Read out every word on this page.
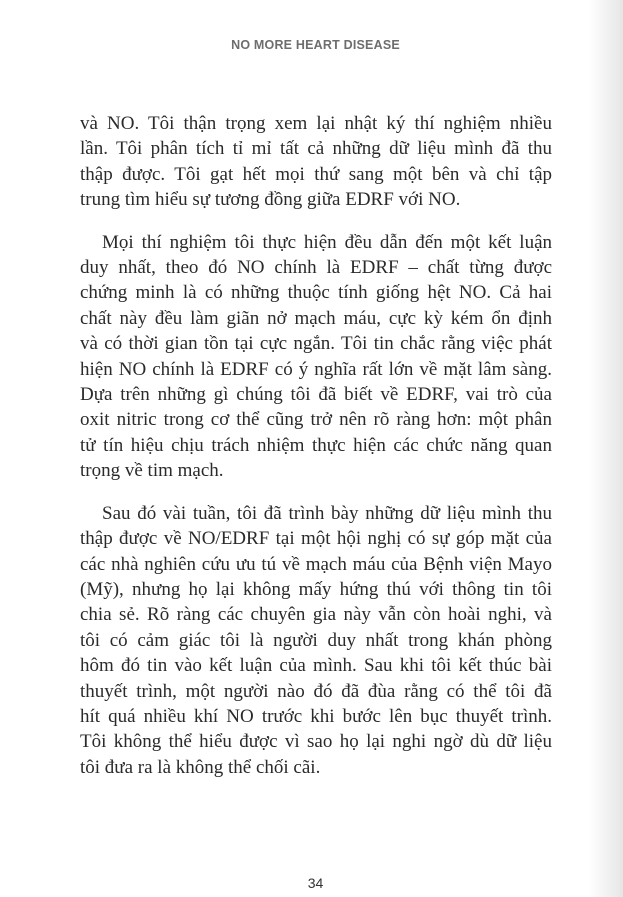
NO MORE HEART DISEASE
và NO. Tôi thận trọng xem lại nhật ký thí nghiệm nhiều
lần. Tôi phân tích tỉ mỉ tất cả những dữ liệu mình đã thu
thập được. Tôi gạt hết mọi thứ sang một bên và chỉ tập
trung tìm hiểu sự tương đồng giữa EDRF với NO.
Mọi thí nghiệm tôi thực hiện đều dẫn đến một kết luận
duy nhất, theo đó NO chính là EDRF – chất từng được
chứng minh là có những thuộc tính giống hệt NO. Cả hai
chất này đều làm giãn nở mạch máu, cực kỳ kém ổn định
và có thời gian tồn tại cực ngắn. Tôi tin chắc rằng việc phát
hiện NO chính là EDRF có ý nghĩa rất lớn về mặt lâm sàng.
Dựa trên những gì chúng tôi đã biết về EDRF, vai trò của
oxit nitric trong cơ thể cũng trở nên rõ ràng hơn: một phân
tử tín hiệu chịu trách nhiệm thực hiện các chức năng quan
trọng về tim mạch.
Sau đó vài tuần, tôi đã trình bày những dữ liệu mình thu
thập được về NO/EDRF tại một hội nghị có sự góp mặt của
các nhà nghiên cứu ưu tú về mạch máu của Bệnh viện Mayo
(Mỹ), nhưng họ lại không mấy hứng thú với thông tin tôi
chia sẻ. Rõ ràng các chuyên gia này vẫn còn hoài nghi, và
tôi có cảm giác tôi là người duy nhất trong khán phòng
hôm đó tin vào kết luận của mình. Sau khi tôi kết thúc bài
thuyết trình, một người nào đó đã đùa rằng có thể tôi đã
hít quá nhiều khí NO trước khi bước lên bục thuyết trình.
Tôi không thể hiểu được vì sao họ lại nghi ngờ dù dữ liệu
tôi đưa ra là không thể chối cãi.
34
